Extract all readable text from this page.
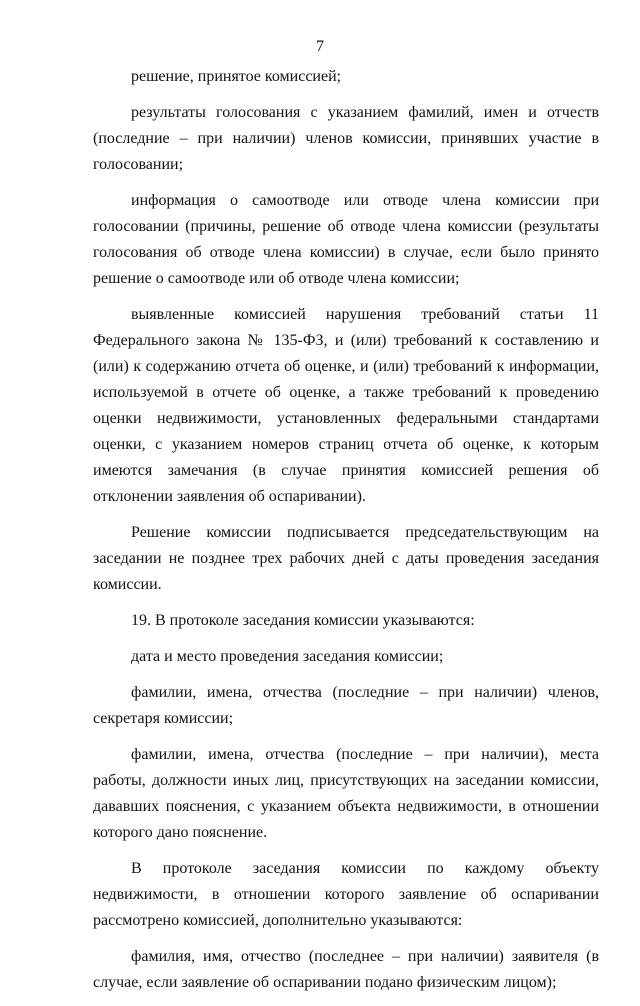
7

решение, принятое комиссией;

результаты голосования с указанием фамилий, имен и отчеств (последние – при наличии) членов комиссии, принявших участие в голосовании;

информация о самоотводе или отводе члена комиссии при голосовании (причины, решение об отводе члена комиссии (результаты голосования об отводе члена комиссии) в случае, если было принято решение о самоотводе или об отводе члена комиссии;

выявленные комиссией нарушения требований статьи 11 Федерального закона № 135-ФЗ, и (или) требований к составлению и (или) к содержанию отчета об оценке, и (или) требований к информации, используемой в отчете об оценке, а также требований к проведению оценки недвижимости, установленных федеральными стандартами оценки, с указанием номеров страниц отчета об оценке, к которым имеются замечания (в случае принятия комиссией решения об отклонении заявления об оспаривании).

Решение комиссии подписывается председательствующим на заседании не позднее трех рабочих дней с даты проведения заседания комиссии.

19. В протоколе заседания комиссии указываются:

дата и место проведения заседания комиссии;

фамилии, имена, отчества (последние – при наличии) членов, секретаря комиссии;

фамилии, имена, отчества (последние – при наличии), места работы, должности иных лиц, присутствующих на заседании комиссии, дававших пояснения, с указанием объекта недвижимости, в отношении которого дано пояснение.

В протоколе заседания комиссии по каждому объекту недвижимости, в отношении которого заявление об оспаривании рассмотрено комиссией, дополнительно указываются:

фамилия, имя, отчество (последнее – при наличии) заявителя (в случае, если заявление об оспаривании подано физическим лицом);
